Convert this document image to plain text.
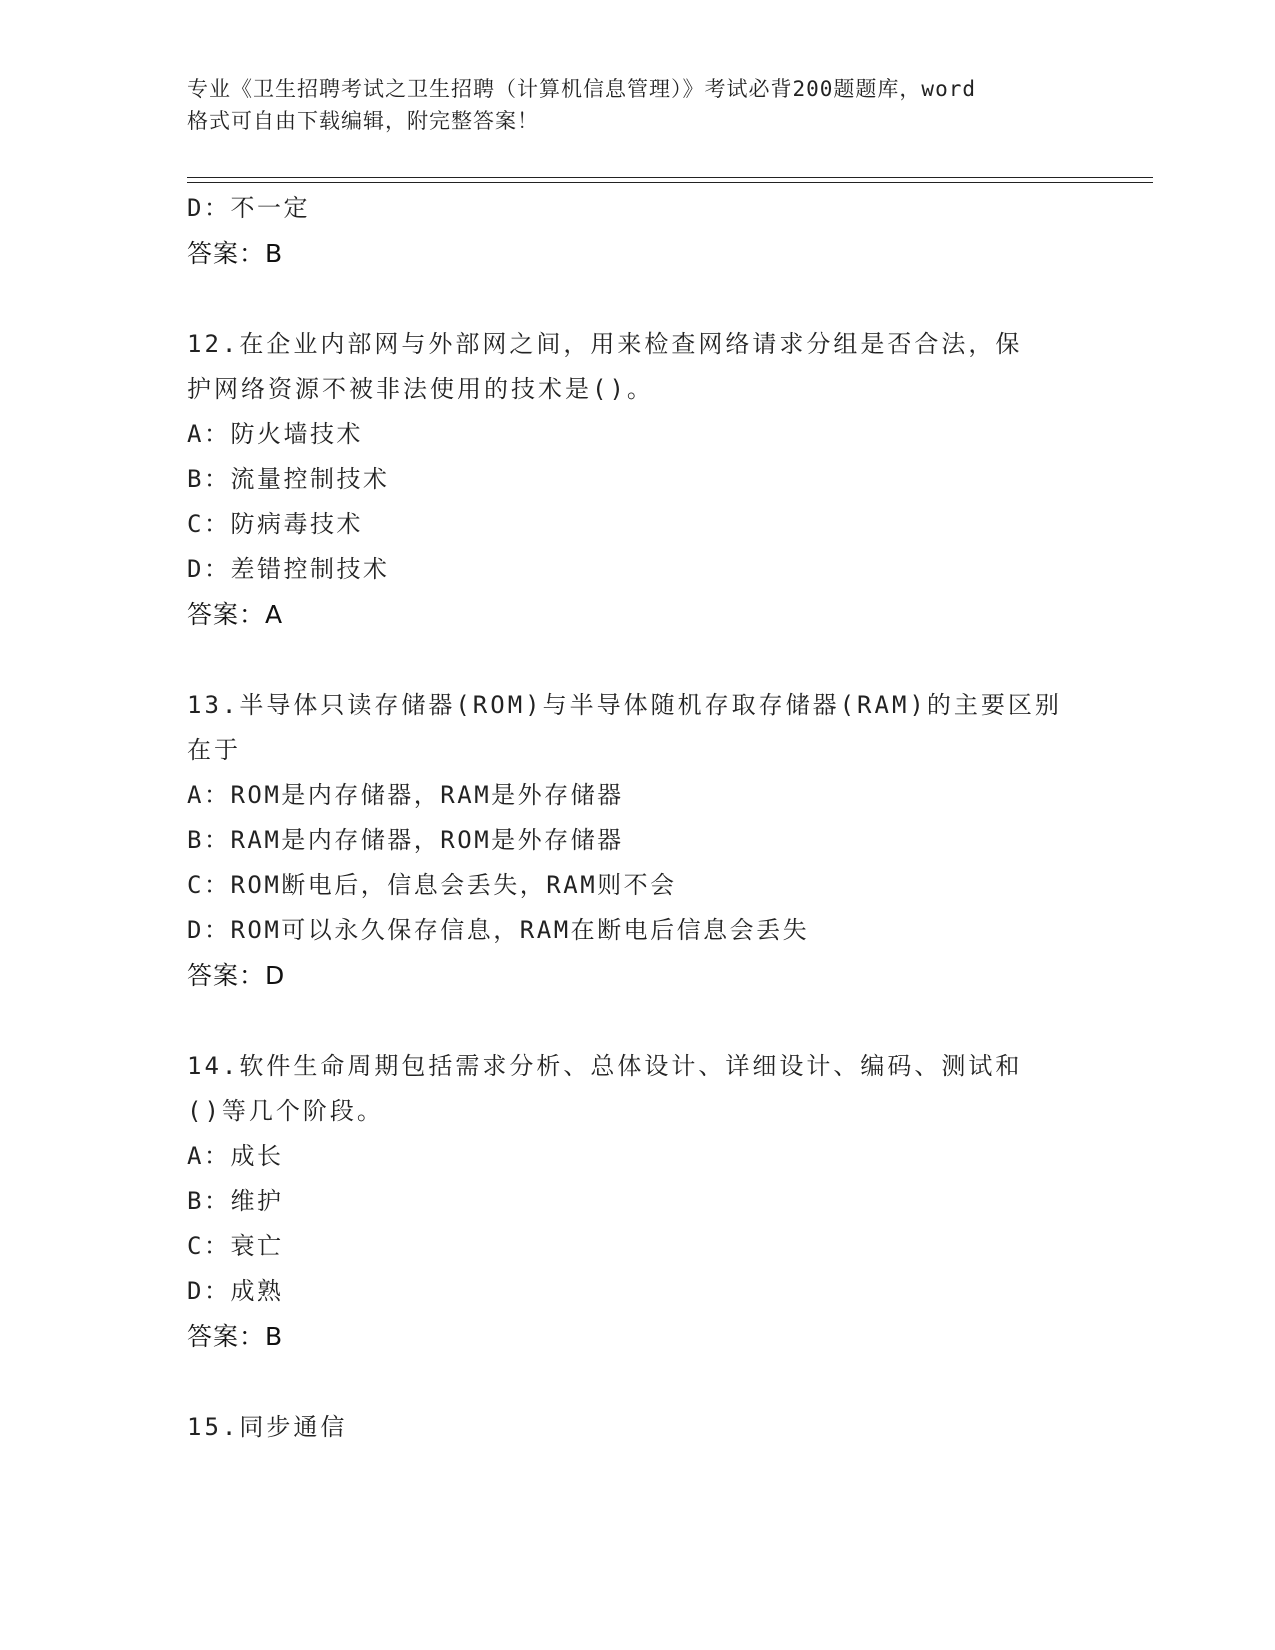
专业《卫生招聘考试之卫生招聘（计算机信息管理）》考试必背200题题库，word
格式可自由下载编辑，附完整答案！
D：不一定
答案：B
12.在企业内部网与外部网之间，用来检查网络请求分组是否合法，保
护网络资源不被非法使用的技术是()。
A：防火墙技术
B：流量控制技术
C：防病毒技术
D：差错控制技术
答案：A
13.半导体只读存储器(ROM)与半导体随机存取存储器(RAM)的主要区别
在于
A：ROM是内存储器，RAM是外存储器
B：RAM是内存储器，ROM是外存储器
C：ROM断电后，信息会丢失，RAM则不会
D：ROM可以永久保存信息，RAM在断电后信息会丢失
答案：D
14.软件生命周期包括需求分析、总体设计、详细设计、编码、测试和
()等几个阶段。
A：成长
B：维护
C：衰亡
D：成熟
答案：B
15.同步通信
